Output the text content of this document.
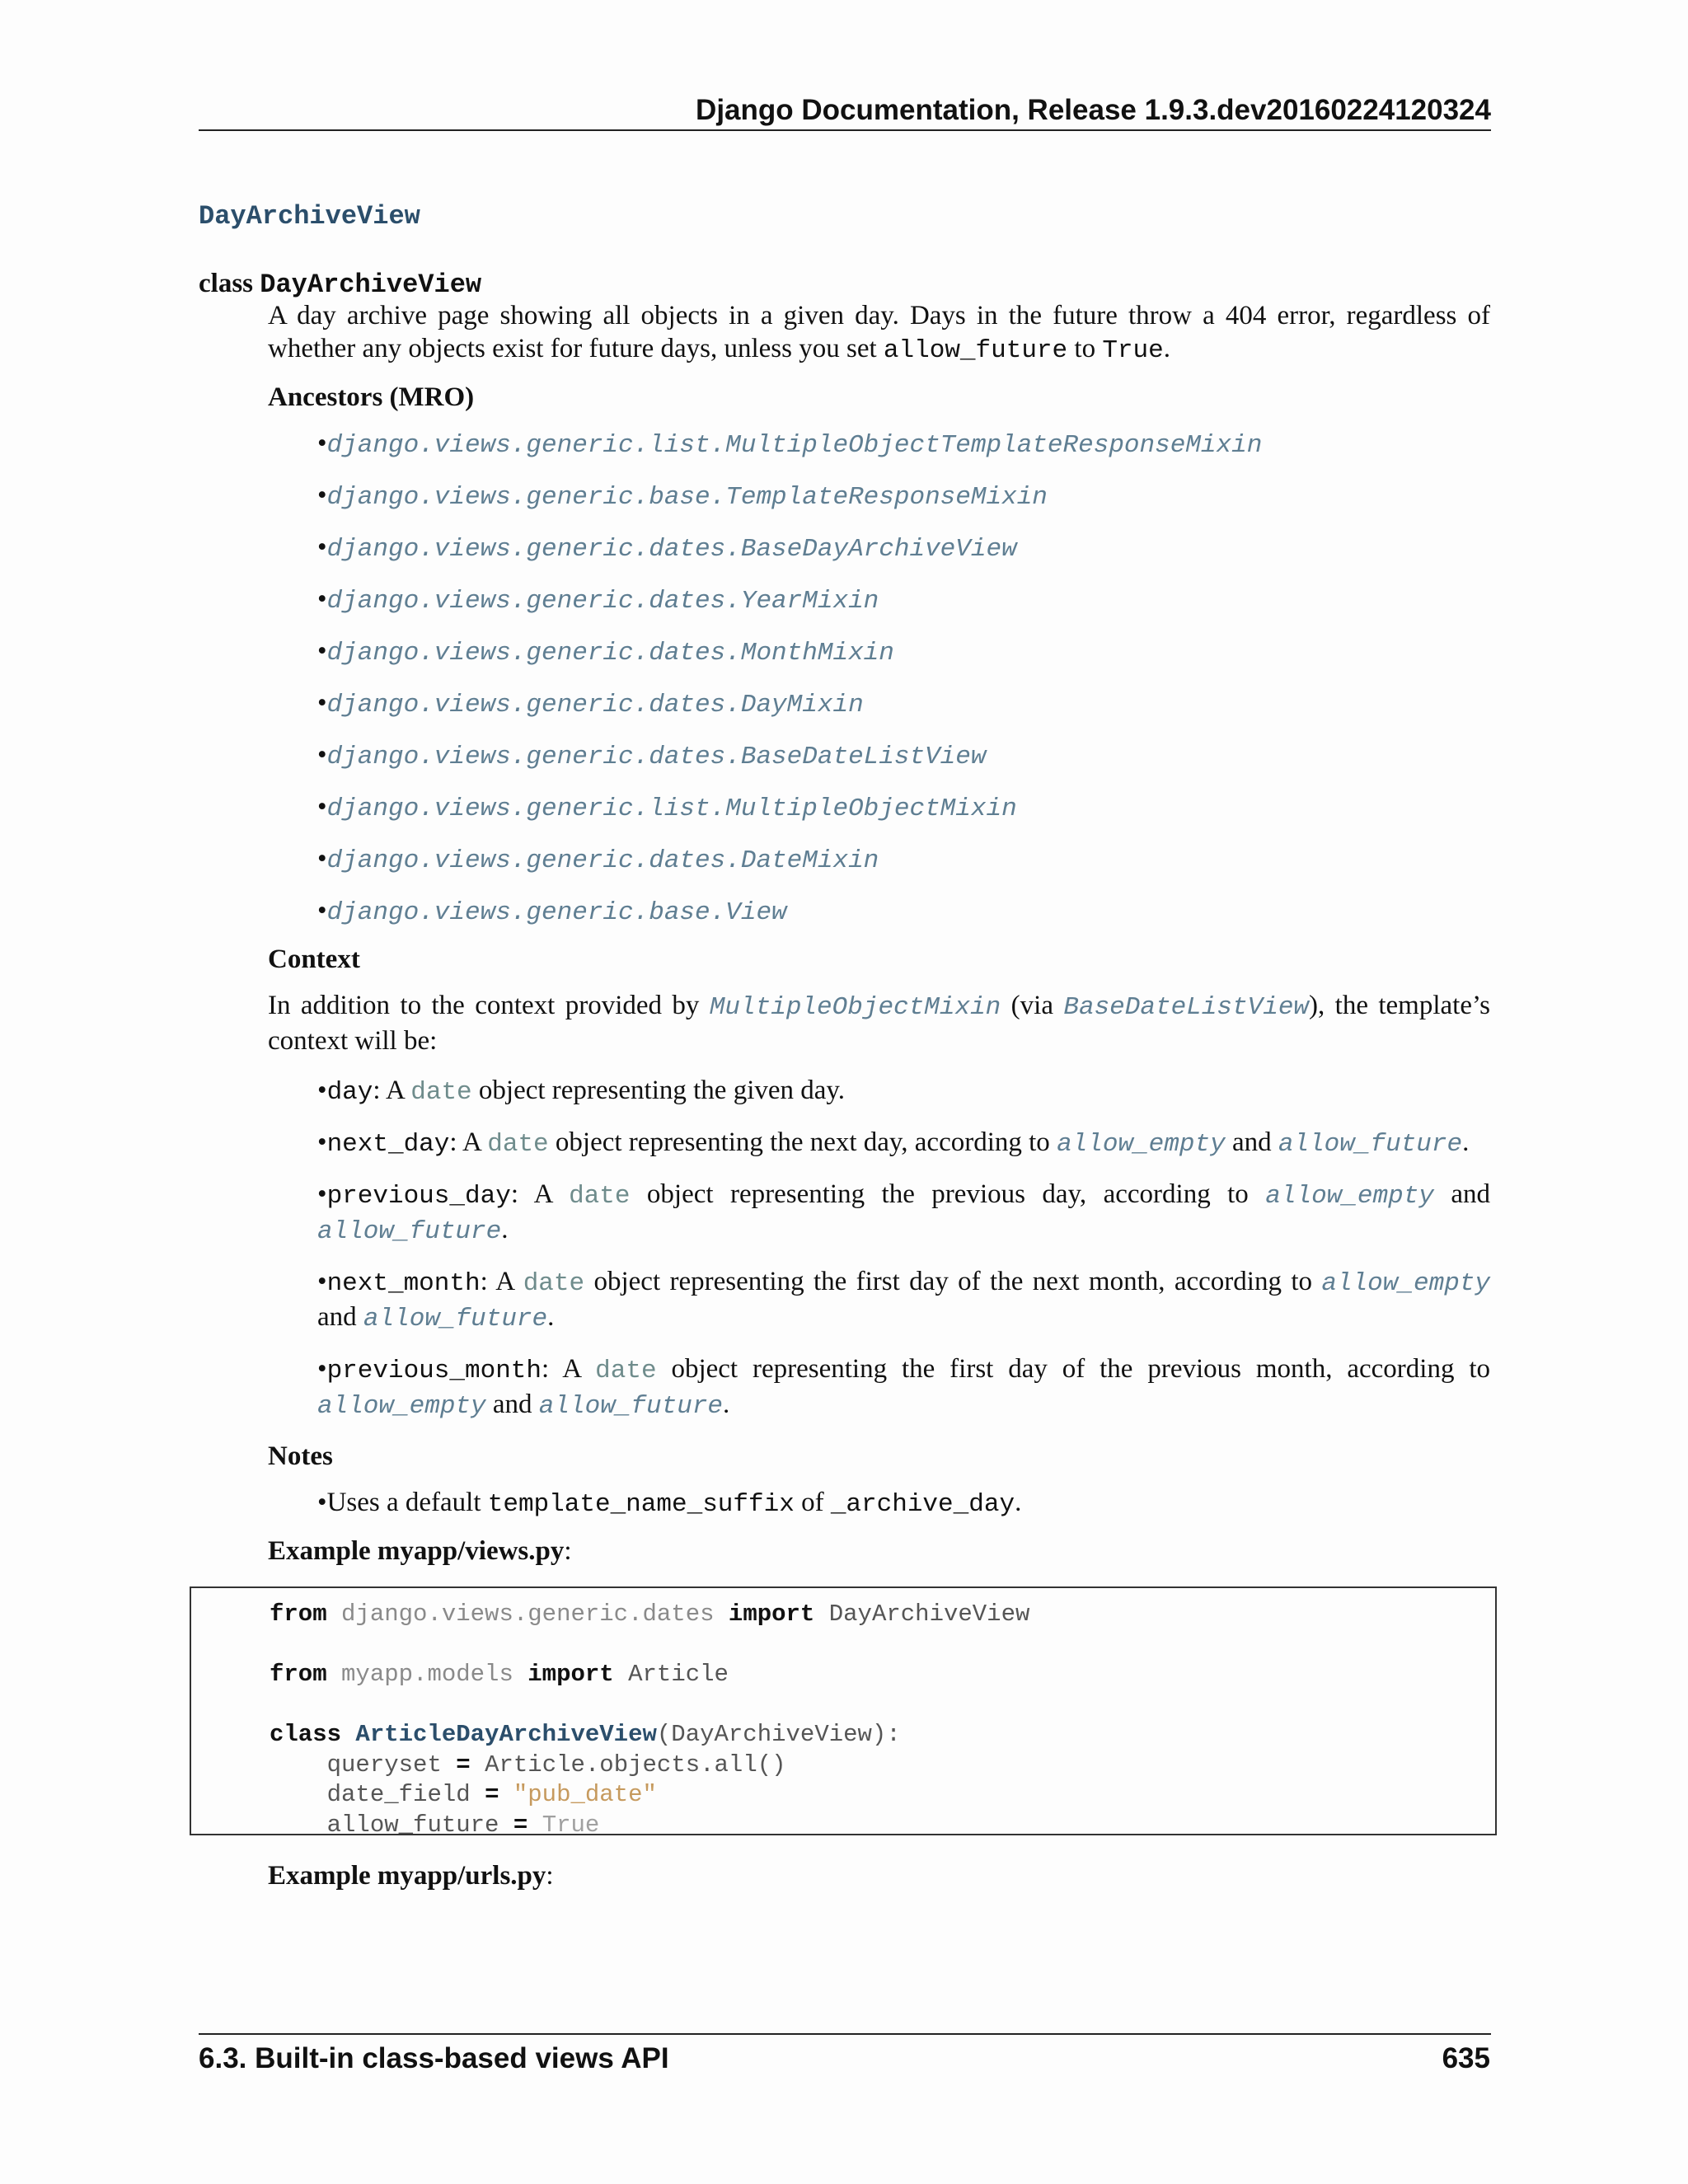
Django Documentation, Release 1.9.3.dev20160224120324
DayArchiveView
class DayArchiveView

A day archive page showing all objects in a given day. Days in the future throw a 404 error, regardless of whether any objects exist for future days, unless you set allow_future to True.

Ancestors (MRO)

•django.views.generic.list.MultipleObjectTemplateResponseMixin
•django.views.generic.base.TemplateResponseMixin
•django.views.generic.dates.BaseDayArchiveView
•django.views.generic.dates.YearMixin
•django.views.generic.dates.MonthMixin
•django.views.generic.dates.DayMixin
•django.views.generic.dates.BaseDateListView
•django.views.generic.list.MultipleObjectMixin
•django.views.generic.dates.DateMixin
•django.views.generic.base.View

Context

In addition to the context provided by MultipleObjectMixin (via BaseDateListView), the template’s context will be:

•day: A date object representing the given day.
•next_day: A date object representing the next day, according to allow_empty and allow_future.
•previous_day: A date object representing the previous day, according to allow_empty and allow_future.
•next_month: A date object representing the first day of the next month, according to allow_empty and allow_future.
•previous_month: A date object representing the first day of the previous month, according to allow_empty and allow_future.

Notes

•Uses a default template_name_suffix of _archive_day.

Example myapp/views.py:

from django.views.generic.dates import DayArchiveView

from myapp.models import Article

class ArticleDayArchiveView(DayArchiveView):
queryset = Article.objects.all()
date_field = "pub_date"
allow_future = True
Example myapp/urls.py:
6.3. Built-in class-based views API	635
